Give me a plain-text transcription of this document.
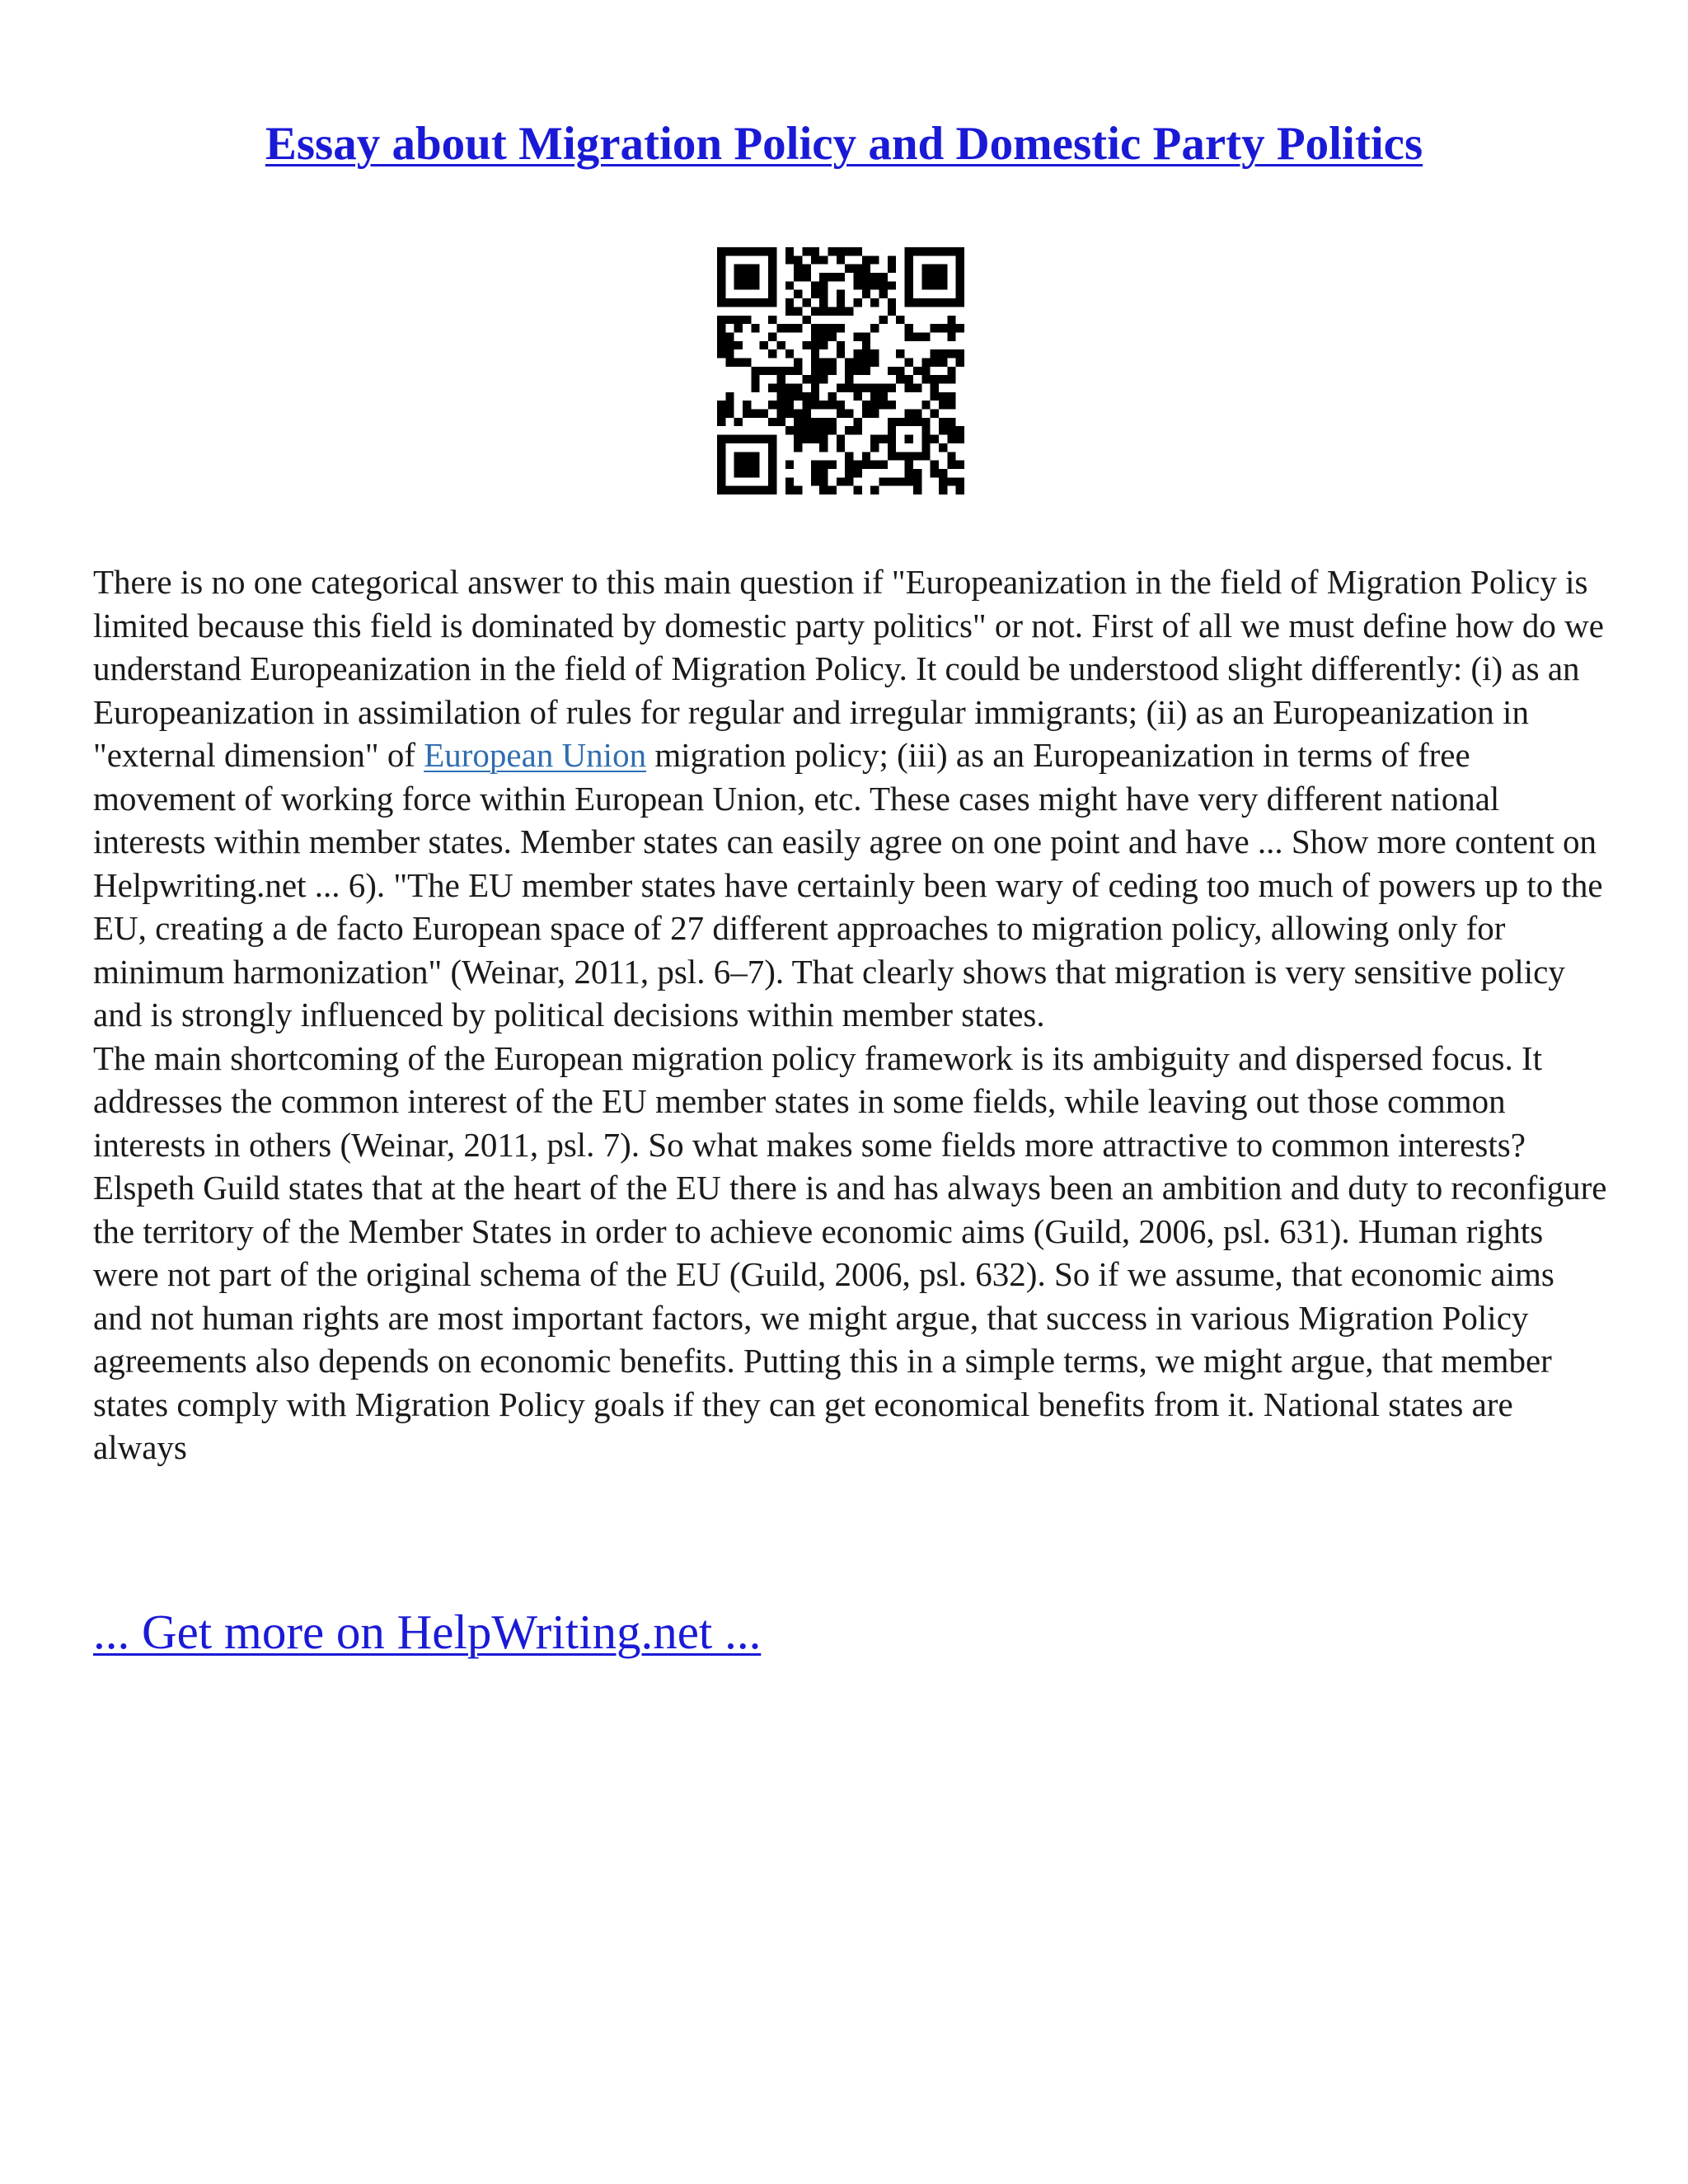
Essay about Migration Policy and Domestic Party Politics

There is no one categorical answer to this main question if "Europeanization in the field of Migration Policy is limited because this field is dominated by domestic party politics" or not. First of all we must define how do we understand Europeanization in the field of Migration Policy. It could be understood slight differently: (i) as an Europeanization in assimilation of rules for regular and irregular immigrants; (ii) as an Europeanization in "external dimension" of European Union migration policy; (iii) as an Europeanization in terms of free movement of working force within European Union, etc. These cases might have very different national interests within member states. Member states can easily agree on one point and have ... Show more content on Helpwriting.net ... 6). "The EU member states have certainly been wary of ceding too much of powers up to the EU, creating a de facto European space of 27 different approaches to migration policy, allowing only for minimum harmonization" (Weinar, 2011, psl. 6–7). That clearly shows that migration is very sensitive policy and is strongly influenced by political decisions within member states.

The main shortcoming of the European migration policy framework is its ambiguity and dispersed focus. It addresses the common interest of the EU member states in some fields, while leaving out those common interests in others (Weinar, 2011, psl. 7). So what makes some fields more attractive to common interests?

Elspeth Guild states that at the heart of the EU there is and has always been an ambition and duty to reconfigure the territory of the Member States in order to achieve economic aims (Guild, 2006, psl. 631). Human rights were not part of the original schema of the EU (Guild, 2006, psl. 632). So if we assume, that economic aims and not human rights are most important factors, we might argue, that success in various Migration Policy agreements also depends on economic benefits. Putting this in a simple terms, we might argue, that member states comply with Migration Policy goals if they can get economical benefits from it. National states are always

... Get more on HelpWriting.net ...
